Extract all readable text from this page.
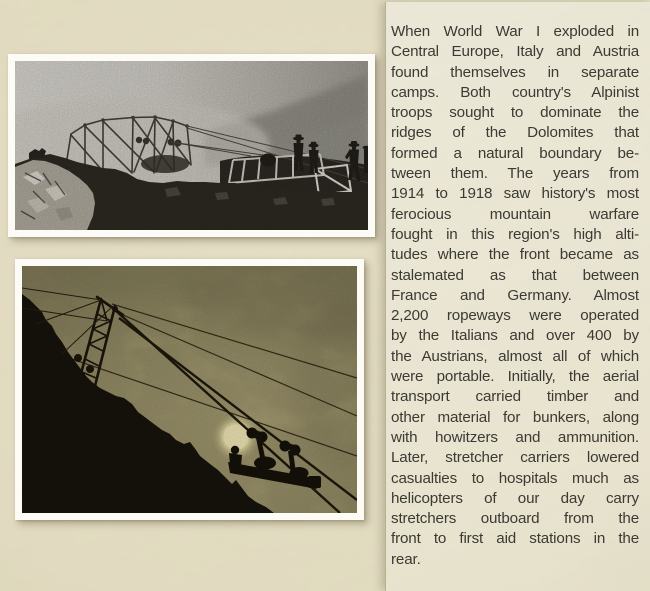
When World War I exploded in
Central Europe, Italy and Austria
found themselves in separate
camps. Both country's Alpinist
troops sought to dominate the
ridges of the Dolomites that
formed a natural boundary be-
tween them. The years from
1914 to 1918 saw history's most
ferocious mountain warfare
fought in this region's high alti-
tudes where the front became as
stalemated as that between
France and Germany. Almost
2,200 ropeways were operated
by the Italians and over 400 by
the Austrians, almost all of which
were portable. Initially, the aerial
transport carried timber and
other material for bunkers, along
with howitzers and ammunition.
Later, stretcher carriers lowered
casualties to hospitals much as
helicopters of our day carry
stretchers outboard from the
front to first aid stations in the
rear.
